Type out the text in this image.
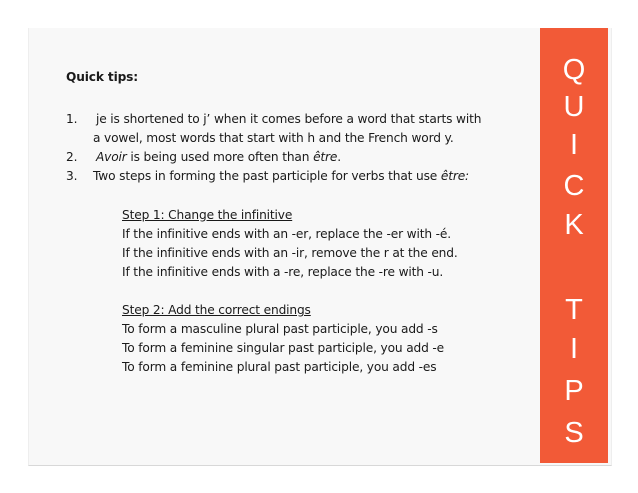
Q
U
I
C
K
T
I
P
S
Quick tips:
1. je is shortened to j’ when it comes before a word that starts with
a vowel, most words that start with h and the French word y.
2. Avoir is being used more often than être.
3. Two steps in forming the past participle for verbs that use être:
Step 1: Change the infinitive
If the infinitive ends with an -er, replace the -er with -é.
If the infinitive ends with an -ir, remove the r at the end.
If the infinitive ends with a -re, replace the -re with -u.
Step 2: Add the correct endings
To form a masculine plural past participle, you add -s
To form a feminine singular past participle, you add -e
To form a feminine plural past participle, you add -es
